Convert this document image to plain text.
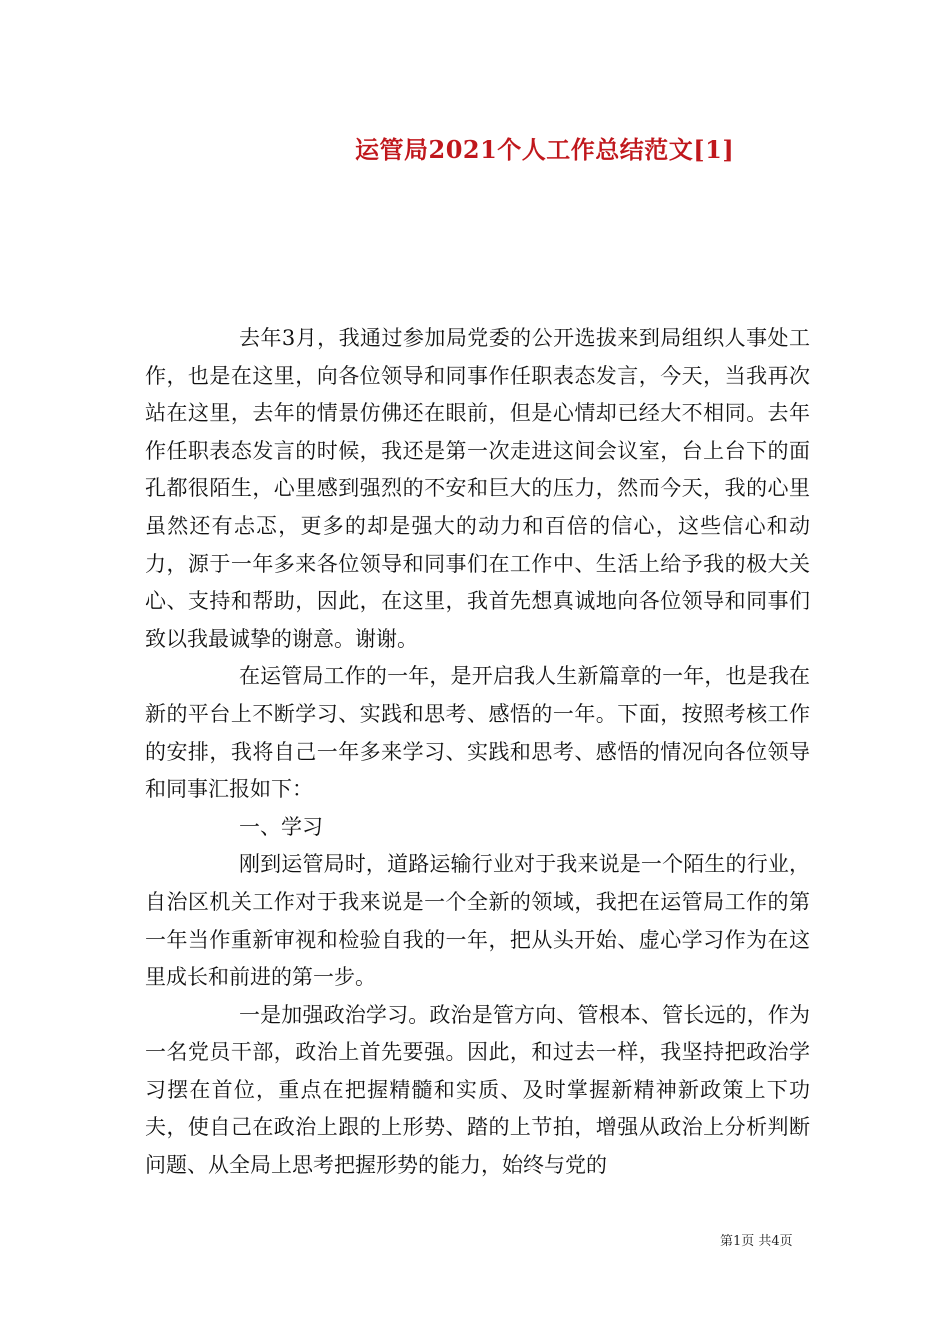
运管局2021个人工作总结范文[1]

去年3月，我通过参加局党委的公开选拔来到局组织人事处工作，也是在这里，向各位领导和同事作任职表态发言，今天，当我再次站在这里，去年的情景仿佛还在眼前，但是心情却已经大不相同。去年作任职表态发言的时候，我还是第一次走进这间会议室，台上台下的面孔都很陌生，心里感到强烈的不安和巨大的压力，然而今天，我的心里虽然还有忐忑，更多的却是强大的动力和百倍的信心，这些信心和动力，源于一年多来各位领导和同事们在工作中、生活上给予我的极大关心、支持和帮助，因此，在这里，我首先想真诚地向各位领导和同事们致以我最诚挚的谢意。谢谢。

在运管局工作的一年，是开启我人生新篇章的一年，也是我在新的平台上不断学习、实践和思考、感悟的一年。下面，按照考核工作的安排，我将自己一年多来学习、实践和思考、感悟的情况向各位领导和同事汇报如下：

一、学习

刚到运管局时，道路运输行业对于我来说是一个陌生的行业，自治区机关工作对于我来说是一个全新的领域，我把在运管局工作的第一年当作重新审视和检验自我的一年，把从头开始、虚心学习作为在这里成长和前进的第一步。

一是加强政治学习。政治是管方向、管根本、管长远的，作为一名党员干部，政治上首先要强。因此，和过去一样，我坚持把政治学习摆在首位，重点在把握精髓和实质、及时掌握新精神新政策上下功夫，使自己在政治上跟的上形势、踏的上节拍，增强从政治上分析判断问题、从全局上思考把握形势的能力，始终与党的

第1页 共4页
